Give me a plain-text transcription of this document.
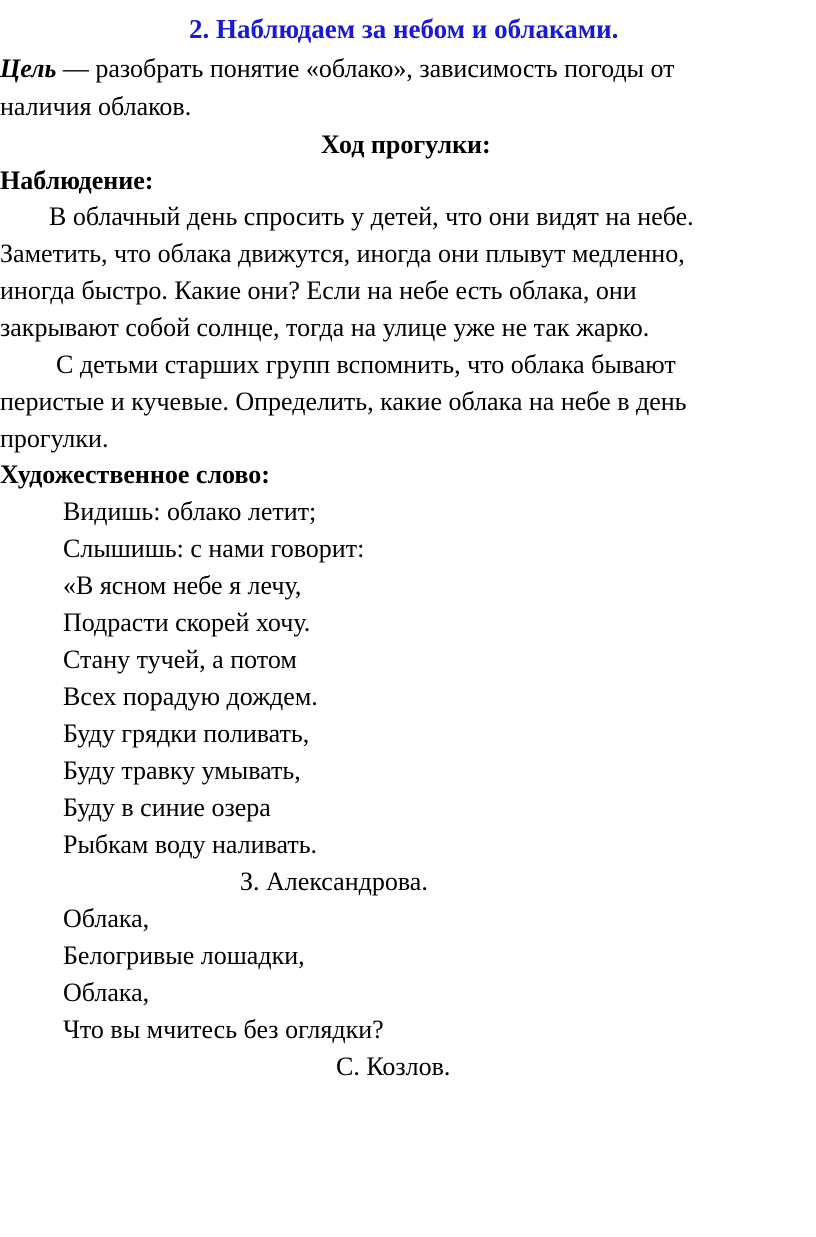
2. Наблюдаем за небом и облаками.
Цель — разобрать понятие «облако», зависимость погоды от
наличия облаков.
Ход прогулки:
Наблюдение:
В облачный день спросить у детей, что они видят на небе.
Заметить, что облака движутся, иногда они плывут медленно,
иногда быстро. Какие они? Если на небе есть облака, они
закрывают собой солнце, тогда на улице уже не так жарко.
С детьми старших групп вспомнить, что облака бывают
перистые и кучевые. Определить, какие облака на небе в день
прогулки.
Художественное слово:
Видишь: облако летит;
Слышишь: с нами говорит:
«В ясном небе я лечу,
Подрасти скорей хочу.
Стану тучей, а потом
Всех порадую дождем.
Буду грядки поливать,
Буду травку умывать,
Буду в синие озера
Рыбкам воду наливать.
З. Александрова.
Облака,
Белогривые лошадки,
Облака,
Что вы мчитесь без оглядки?
С. Козлов.
